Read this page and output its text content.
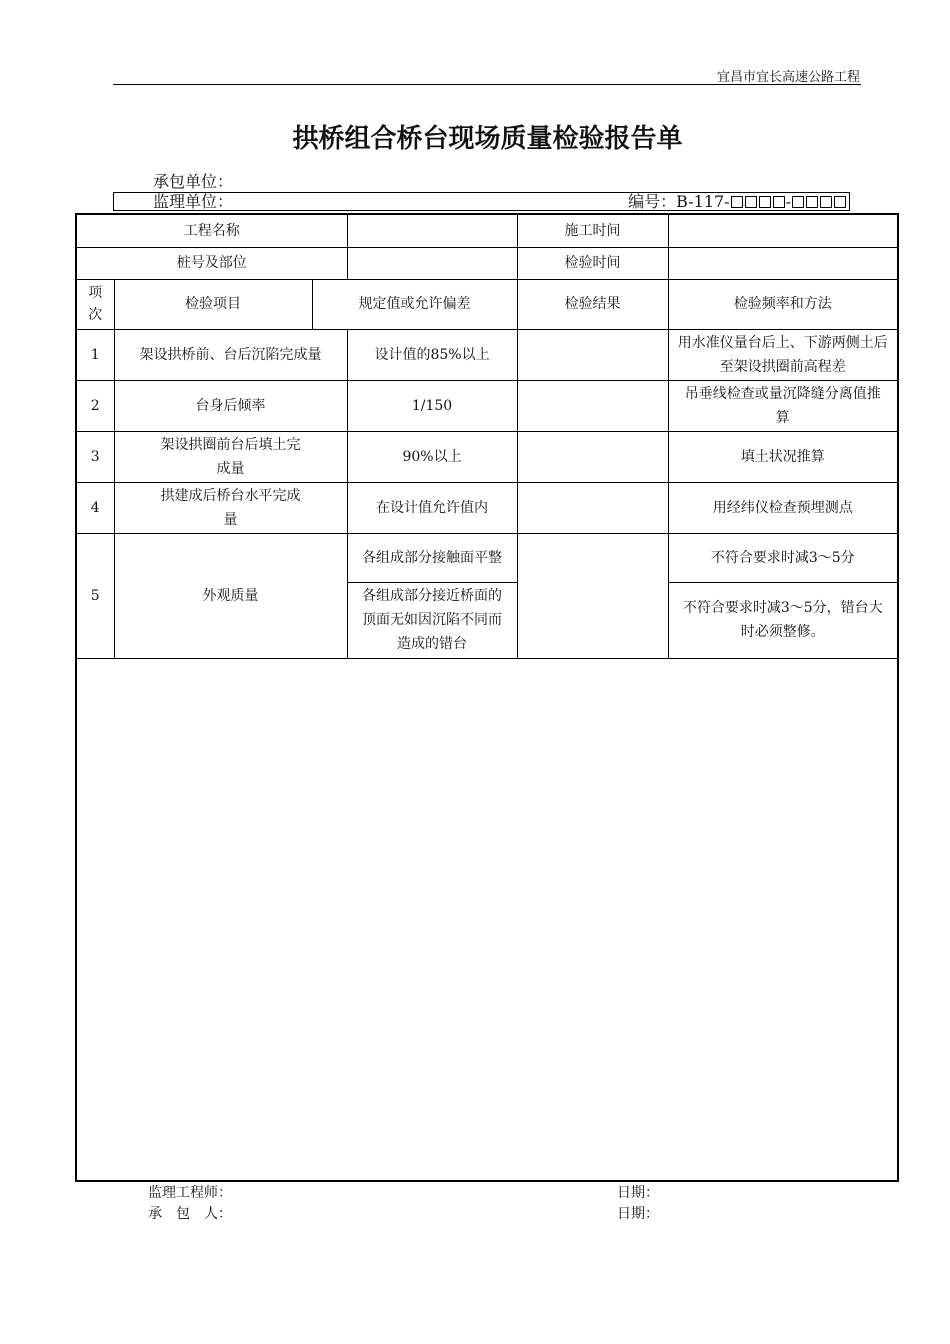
宜昌市宜长高速公路工程
拱桥组合桥台现场质量检验报告单
承包单位：
监理单位：	编号：B-117-	-
工程名称				施工时间	
桩号及部位				检验时间	
项次	检验项目	规定值或允许偏差		检验结果	检验频率和方法
1	架设拱桥前、台后沉陷完成量		设计值的85%以上		用水准仪量台后上、下游两侧土后至架设拱圈前高程差
2	台身后倾率		1/150		吊垂线检查或量沉降缝分离值推算
3	架设拱圈前台后填土完成量		90%以上		填土状况推算
4	拱建成后桥台水平完成量		在设计值允许值内		用经纬仪检查预埋测点
5	外观质量		各组成部分接触面平整		不符合要求时减3～5分
			各组成部分接近桥面的顶面无如因沉陷不同而造成的错台		不符合要求时减3～5分，错台大时必须整修。
监理工程师：	日期：
承　包　人：	日期：
